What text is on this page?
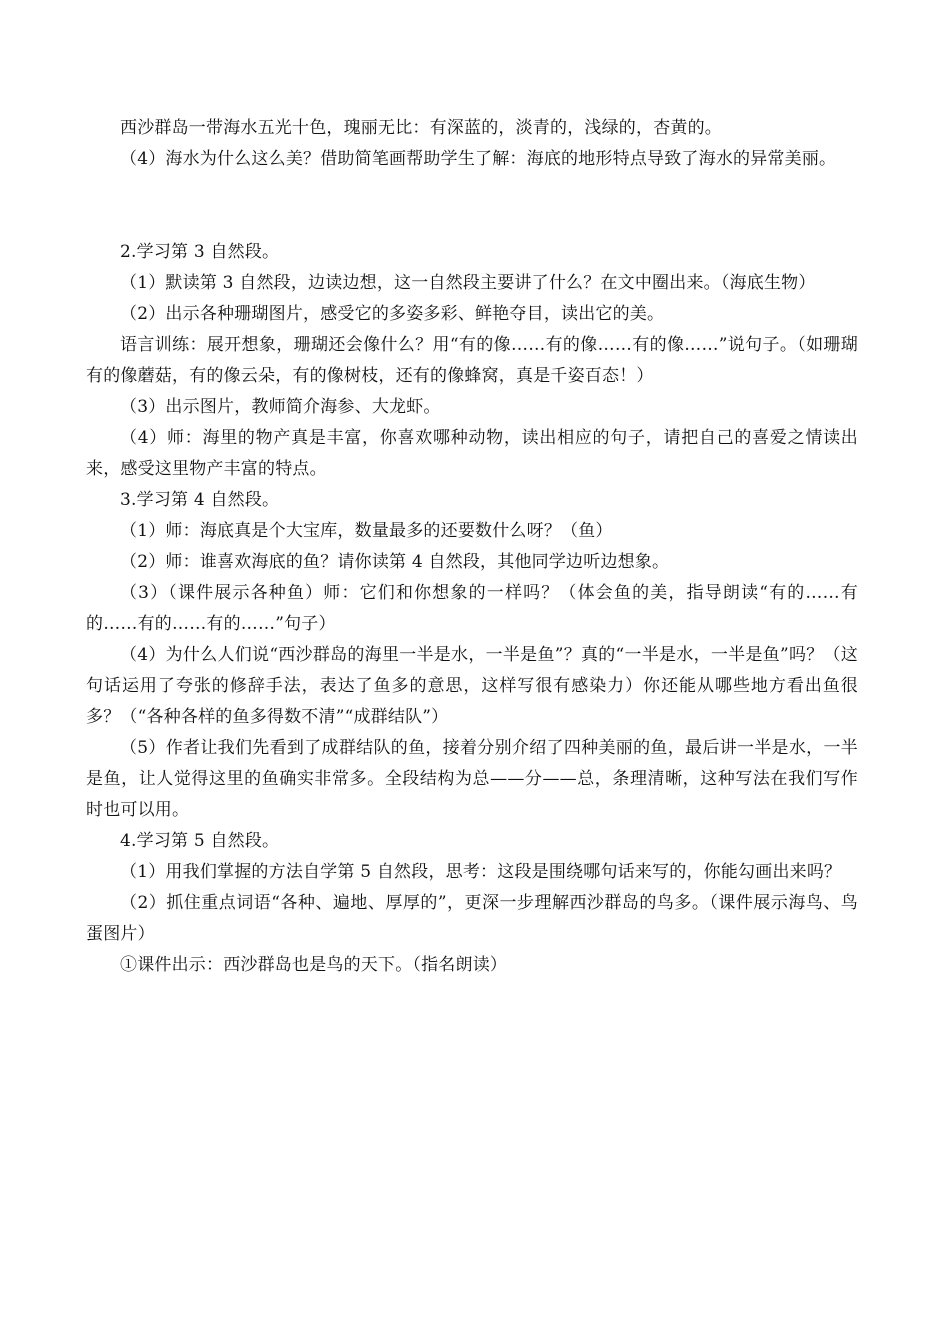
西沙群岛一带海水五光十色，瑰丽无比：有深蓝的，淡青的，浅绿的，杏黄的。

（4）海水为什么这么美？借助简笔画帮助学生了解：海底的地形特点导致了海水的异常美丽。

2.学习第 3 自然段。

（1）默读第 3 自然段，边读边想，这一自然段主要讲了什么？在文中圈出来。（海底生物）

（2）出示各种珊瑚图片，感受它的多姿多彩、鲜艳夺目，读出它的美。

语言训练：展开想象，珊瑚还会像什么？用“有的像……有的像……有的像……”说句子。（如珊瑚有的像蘑菇，有的像云朵，有的像树枝，还有的像蜂窝，真是千姿百态！）

（3）出示图片，教师简介海参、大龙虾。

（4）师：海里的物产真是丰富，你喜欢哪种动物，读出相应的句子，请把自己的喜爱之情读出来，感受这里物产丰富的特点。

3.学习第 4 自然段。

（1）师：海底真是个大宝库，数量最多的还要数什么呀？（鱼）

（2）师：谁喜欢海底的鱼？请你读第 4 自然段，其他同学边听边想象。

（3）（课件展示各种鱼）师：它们和你想象的一样吗？（体会鱼的美，指导朗读“有的……有的……有的……有的……”句子）

（4）为什么人们说“西沙群岛的海里一半是水，一半是鱼”？真的“一半是水，一半是鱼”吗？（这句话运用了夸张的修辞手法，表达了鱼多的意思，这样写很有感染力）你还能从哪些地方看出鱼很多？（“各种各样的鱼多得数不清”“成群结队”）

（5）作者让我们先看到了成群结队的鱼，接着分别介绍了四种美丽的鱼，最后讲一半是水，一半是鱼，让人觉得这里的鱼确实非常多。全段结构为总——分——总，条理清晰，这种写法在我们写作时也可以用。

4.学习第 5 自然段。

（1）用我们掌握的方法自学第 5 自然段，思考：这段是围绕哪句话来写的，你能勾画出来吗？

（2）抓住重点词语“各种、遍地、厚厚的”，更深一步理解西沙群岛的鸟多。（课件展示海鸟、鸟蛋图片）

①课件出示：西沙群岛也是鸟的天下。（指名朗读）
